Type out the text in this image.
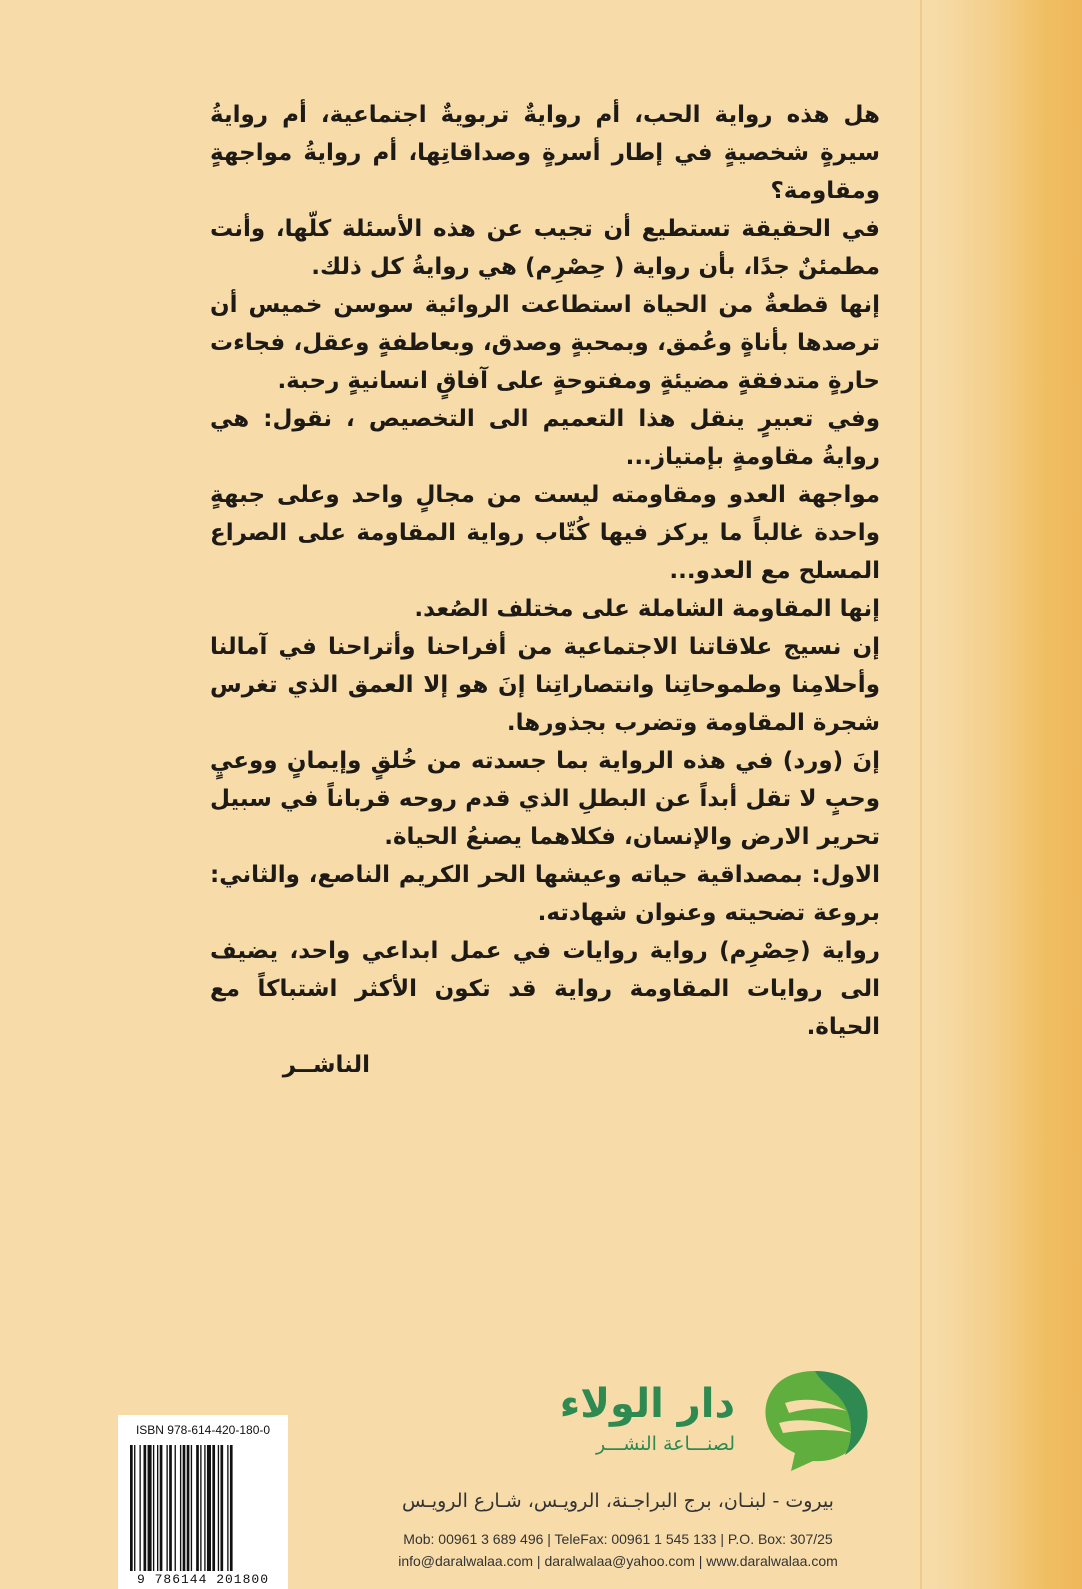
هل هذه رواية الحب، أم روايةٌ تربويةٌ اجتماعية، أم روايةُ سيرةٍ شخصيةٍ في إطار أسرةٍ وصداقاتِها، أم روايةُ مواجهةٍ ومقاومة؟

في الحقيقة تستطيع أن تجيب عن هذه الأسئلة كلّها، وأنت مطمئنٌ جدًا، بأن رواية ( حِصْرِم) هي روايةُ كل ذلك.

إنها قطعةٌ من الحياة استطاعت الروائية سوسن خميس أن ترصدها بأناةٍ وعُمق، وبمحبةٍ وصدق، وبعاطفةٍ وعقل، فجاءت حارةٍ متدفقةٍ مضيئةٍ ومفتوحةٍ على آفاقٍ انسانيةٍ رحبة.

وفي تعبيرٍ ينقل هذا التعميم الى التخصيص ، نقول: هي روايةُ مقاومةٍ بإمتياز...

مواجهة العدو ومقاومته ليست من مجالٍ واحد وعلى جبهةٍ واحدة غالباً ما يركز فيها كُتّاب رواية المقاومة على الصراع المسلح مع العدو...

إنها المقاومة الشاملة على مختلف الصُعد.

إن نسيج علاقاتنا الاجتماعية من أفراحنا وأتراحنا في آمالنا وأحلامِنا وطموحاتِنا وانتصاراتِنا إنَ هو إلا العمق الذي تغرس شجرة المقاومة وتضرب بجذورها.

إنَ (ورد) في هذه الرواية بما جسدته من خُلقٍ وإيمانٍ ووعيٍ وحبٍ لا تقل أبداً عن البطلِ الذي قدم روحه قرباناً في سبيل تحرير الارض والإنسان، فكلاهما يصنعُ الحياة.

الاول: بمصداقية حياته وعيشها الحر الكريم الناصع، والثاني: بروعة تضحيته وعنوان شهادته.

رواية (حِصْرِم) رواية روايات في عمل ابداعي واحد، يضيف الى روايات المقاومة رواية قد تكون الأكثر اشتباكاً مع الحياة.

الناشــر

دار الولاء
لصنـــاعة النشـــر
بيروت - لبنـان، برج البراجـنة، الرويـس، شـارع الرويـس
Mob: 00961 3 689 496 | TeleFax: 00961 1 545 133 | P.O. Box: 307/25
info@daralwalaa.com | daralwalaa@yahoo.com | www.daralwalaa.com
ISBN 978-614-420-180-0
9 786144 201800
